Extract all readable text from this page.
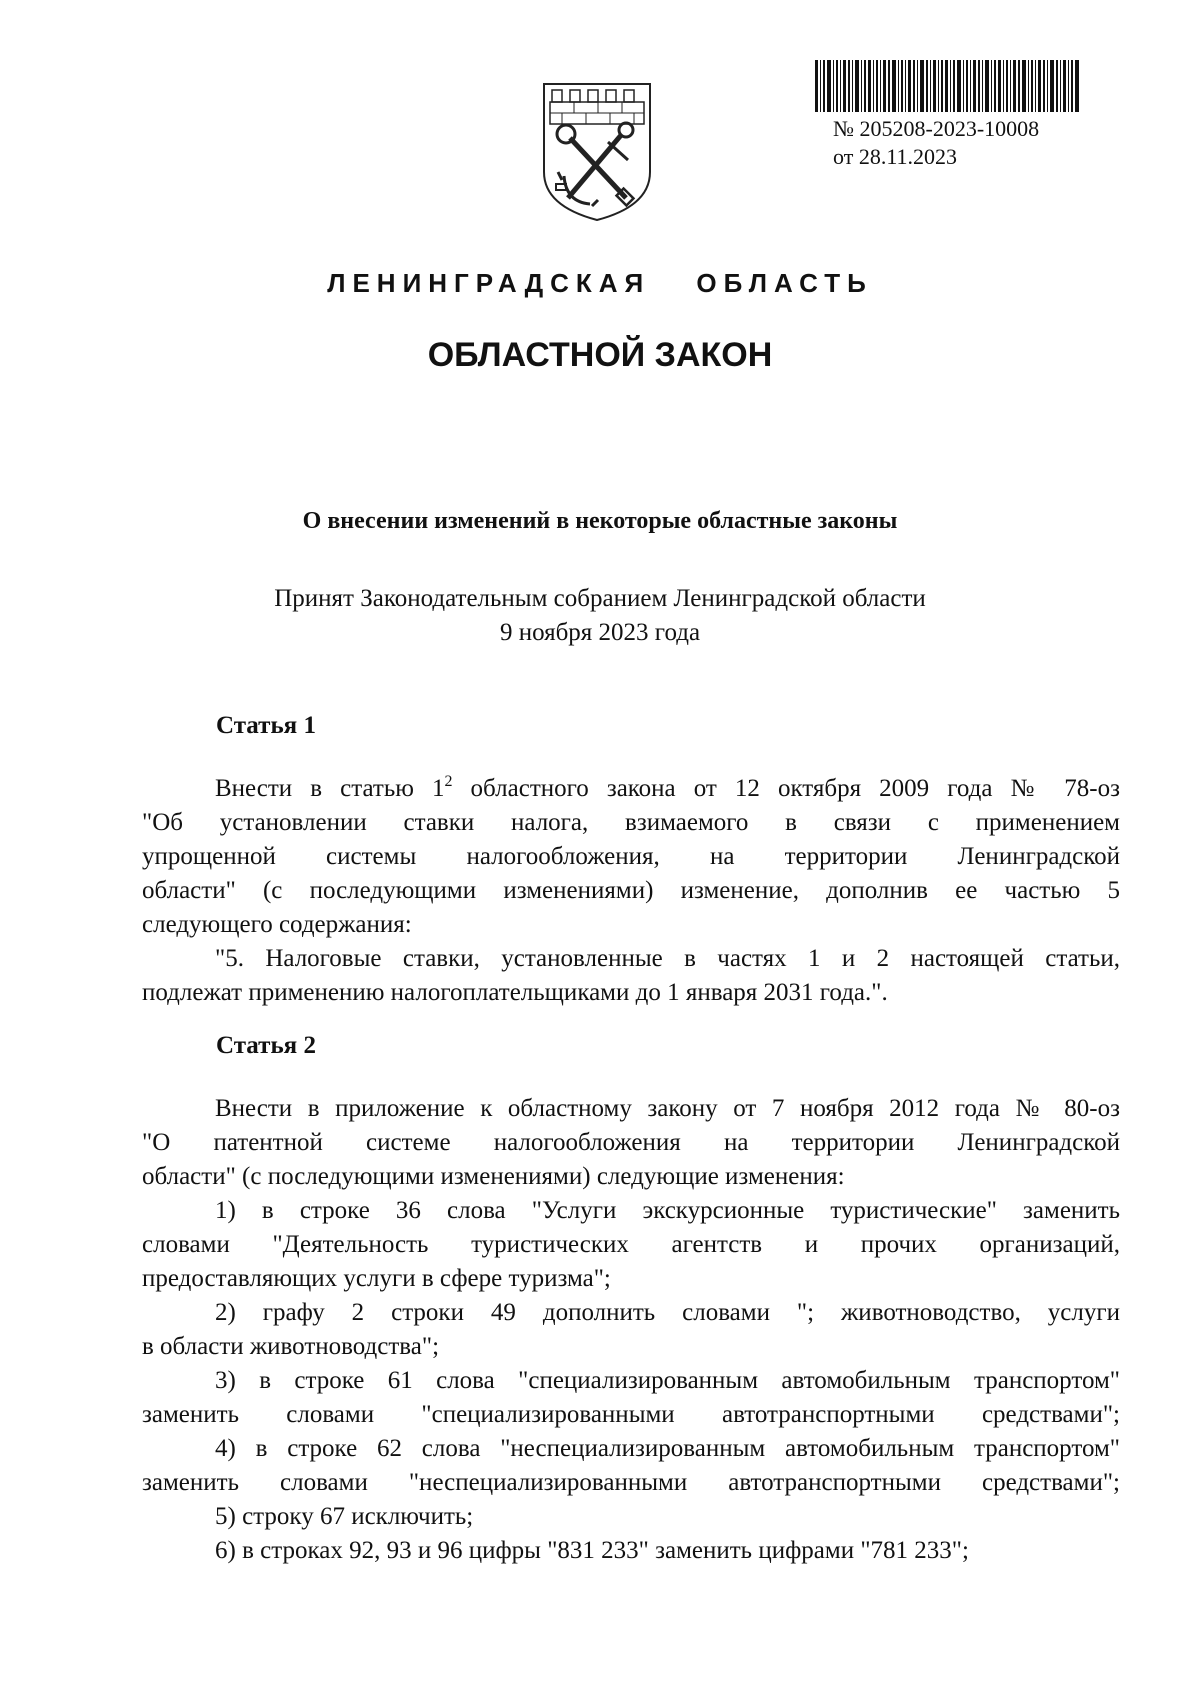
№ 205208-2023-10008
от 28.11.2023
ЛЕНИНГРАДСКАЯ ОБЛАСТЬ
ОБЛАСТНОЙ ЗАКОН
О внесении изменений в некоторые областные законы
Принят Законодательным собранием Ленинградской области
9 ноября 2023 года
Статья 1
Внести в статью $1^2$ областного закона от 12 октября 2009 года № 78-оз
"Об установлении ставки налога, взимаемого в связи с применением
упрощенной системы налогообложения, на территории Ленинградской
области" (с последующими изменениями) изменение, дополнив ее частью 5
следующего содержания:
"5. Налоговые ставки, установленные в частях 1 и 2 настоящей статьи,
подлежат применению налогоплательщиками до 1 января 2031 года.".
Статья 2
Внести в приложение к областному закону от 7 ноября 2012 года № 80-оз
"О патентной системе налогообложения на территории Ленинградской
области" (с последующими изменениями) следующие изменения:
1) в строке 36 слова "Услуги экскурсионные туристические" заменить
словами "Деятельность туристических агентств и прочих организаций,
предоставляющих услуги в сфере туризма";
2) графу 2 строки 49 дополнить словами "; животноводство, услуги
в области животноводства";
3) в строке 61 слова "специализированным автомобильным транспортом"
заменить словами "специализированными автотранспортными средствами";
4) в строке 62 слова "неспециализированным автомобильным транспортом"
заменить словами "неспециализированными автотранспортными средствами";
5) строку 67 исключить;
6) в строках 92, 93 и 96 цифры "831 233" заменить цифрами "781 233";
